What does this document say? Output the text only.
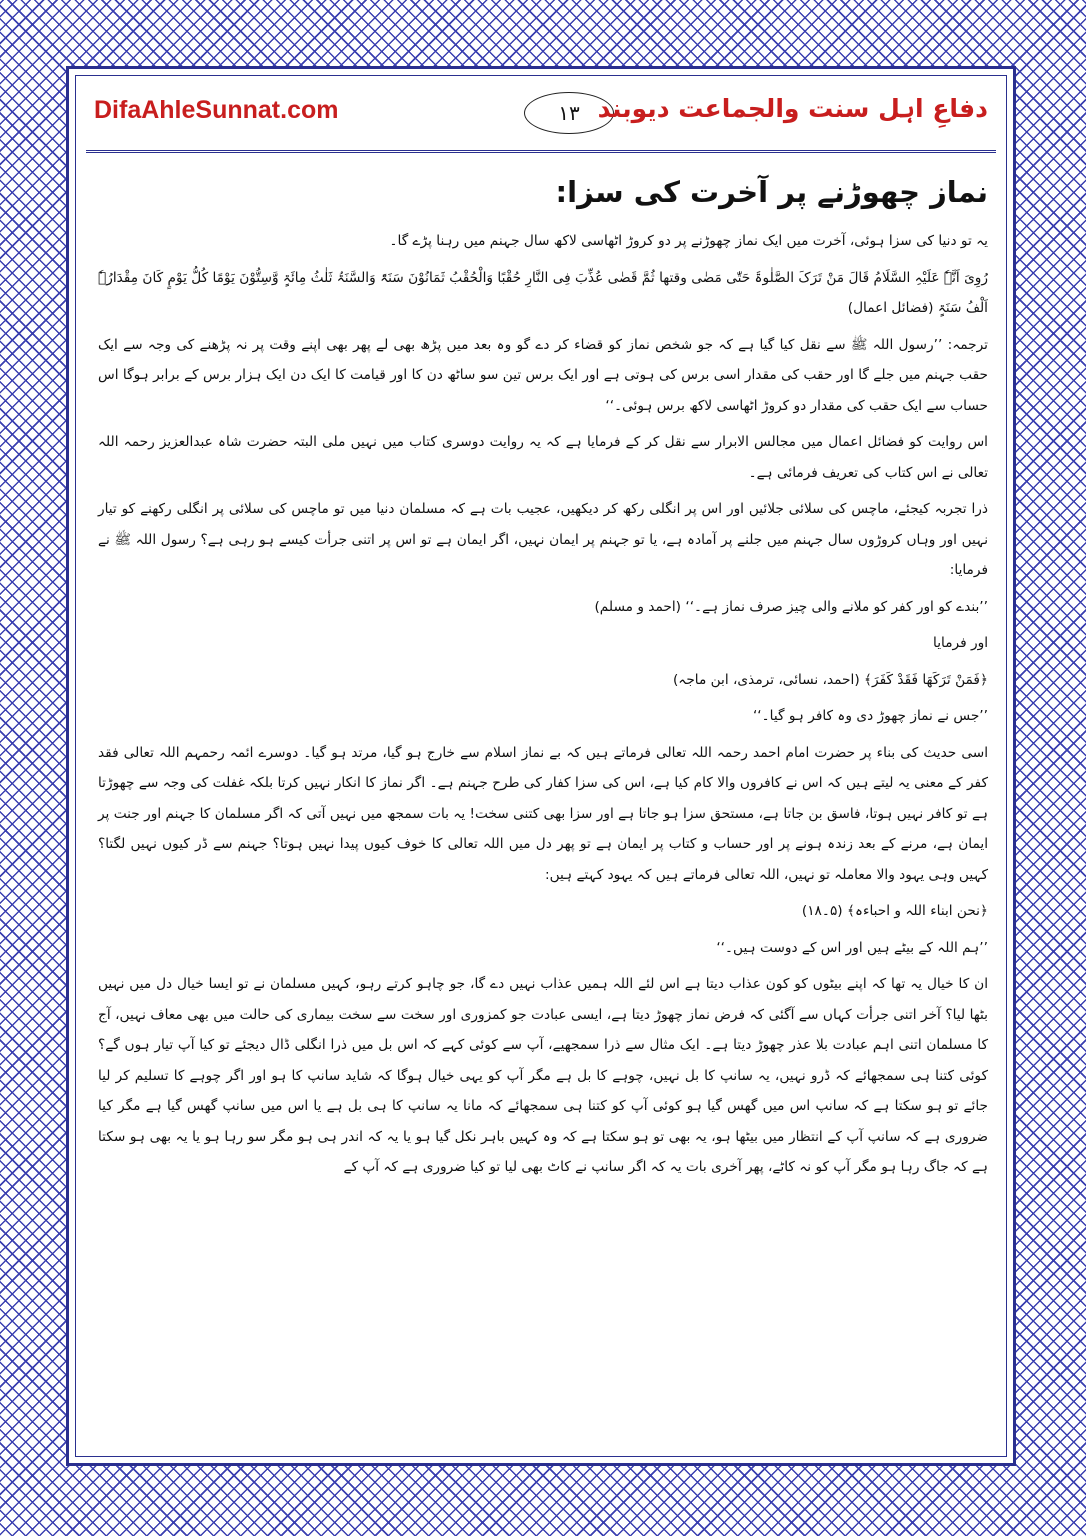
DifaAhleSunnat.com	١٣ دفاعِ اہل سنت والجماعت دیوبند
نماز چھوڑنے پر آخرت کی سزا:

یہ تو دنیا کی سزا ہوئی، آخرت میں ایک نماز چھوڑنے پر دو کروڑ اٹھاسی لاکھ سال جہنم میں رہنا پڑے گا۔

رُوِیَ اَنَّہٗ عَلَیْہِ السَّلَامُ قَالَ مَنْ تَرَکَ الصَّلٰوۃَ حَتّٰی مَضٰی وقتھا ثُمَّ قَضٰی عُذِّبَ فِی النَّارِ حُقْبًا وَالْحُقْبُ ثَمَانُوْنَ سَنَۃً وَالسَّنَۃُ ثَلٰثُ مِائَۃٍ وَّسِتُّوْنَ یَوْمًا کُلُّ یَوْمٍ کَانَ مِقْدَارُہٗ اَلْفُ سَنَۃٍ (فضائل اعمال)

ترجمہ: ’’رسول اللہ ﷺ سے نقل کیا گیا ہے کہ جو شخص نماز کو قضاء کر دے گو وہ بعد میں پڑھ بھی لے پھر بھی اپنے وقت پر نہ پڑھنے کی وجہ سے ایک حقب جہنم میں جلے گا اور حقب کی مقدار اسی برس کی ہوتی ہے اور ایک برس تین سو ساٹھ دن کا اور قیامت کا ایک دن ایک ہزار برس کے برابر ہوگا اس حساب سے ایک حقب کی مقدار دو کروڑ اٹھاسی لاکھ برس ہوئی۔‘‘

اس روایت کو فضائل اعمال میں مجالس الابرار سے نقل کر کے فرمایا ہے کہ یہ روایت دوسری کتاب میں نہیں ملی البتہ حضرت شاہ عبدالعزیز رحمہ اللہ تعالی نے اس کتاب کی تعریف فرمائی ہے۔

ذرا تجربہ کیجئے، ماچس کی سلائی جلائیں اور اس پر انگلی رکھ کر دیکھیں، عجیب بات ہے کہ مسلمان دنیا میں تو ماچس کی سلائی پر انگلی رکھنے کو تیار نہیں اور وہاں کروڑوں سال جہنم میں جلنے پر آمادہ ہے، یا تو جہنم پر ایمان نہیں، اگر ایمان ہے تو اس پر اتنی جرأت کیسے ہو رہی ہے؟ رسول اللہ ﷺ نے فرمایا:

’’بندے کو اور کفر کو ملانے والی چیز صرف نماز ہے۔‘‘ (احمد و مسلم)

اور فرمایا

﴿فَمَنْ تَرَکَھَا فَقَدْ کَفَرَ﴾ (احمد، نسائی، ترمذی، ابن ماجہ)

’’جس نے نماز چھوڑ دی وہ کافر ہو گیا۔‘‘

اسی حدیث کی بناء پر حضرت امام احمد رحمہ اللہ تعالی فرماتے ہیں کہ بے نماز اسلام سے خارج ہو گیا، مرتد ہو گیا۔ دوسرے ائمہ رحمہم اللہ تعالی فقد کفر کے معنی یہ لیتے ہیں کہ اس نے کافروں والا کام کیا ہے، اس کی سزا کفار کی طرح جہنم ہے۔ اگر نماز کا انکار نہیں کرتا بلکہ غفلت کی وجہ سے چھوڑتا ہے تو کافر نہیں ہوتا، فاسق بن جاتا ہے، مستحق سزا ہو جاتا ہے اور سزا بھی کتنی سخت! یہ بات سمجھ میں نہیں آتی کہ اگر مسلمان کا جہنم اور جنت پر ایمان ہے، مرنے کے بعد زندہ ہونے پر اور حساب و کتاب پر ایمان ہے تو پھر دل میں اللہ تعالی کا خوف کیوں پیدا نہیں ہوتا؟ جہنم سے ڈر کیوں نہیں لگتا؟ کہیں وہی یہود والا معاملہ تو نہیں، اللہ تعالی فرماتے ہیں کہ یہود کہتے ہیں:

﴿نحن ابناء اللہ و احباءہ﴾ (۵۔۱۸)

’’ہم اللہ کے بیٹے ہیں اور اس کے دوست ہیں۔‘‘

ان کا خیال یہ تھا کہ اپنے بیٹوں کو کون عذاب دیتا ہے اس لئے اللہ ہمیں عذاب نہیں دے گا، جو چاہو کرتے رہو، کہیں مسلمان نے تو ایسا خیال دل میں نہیں بٹھا لیا؟ آخر اتنی جرأت کہاں سے آگئی کہ فرض نماز چھوڑ دیتا ہے، ایسی عبادت جو کمزوری اور سخت سے سخت بیماری کی حالت میں بھی معاف نہیں، آج کا مسلمان اتنی اہم عبادت بلا عذر چھوڑ دیتا ہے۔ ایک مثال سے ذرا سمجھیے، آپ سے کوئی کہے کہ اس بل میں ذرا انگلی ڈال دیجئے تو کیا آپ تیار ہوں گے؟ کوئی کتنا ہی سمجھائے کہ ڈرو نہیں، یہ سانپ کا بل نہیں، چوہے کا بل ہے مگر آپ کو یہی خیال ہوگا کہ شاید سانپ کا ہو اور اگر چوہے کا تسلیم کر لیا جائے تو ہو سکتا ہے کہ سانپ اس میں گھس گیا ہو کوئی آپ کو کتنا ہی سمجھائے کہ مانا یہ سانپ کا ہی بل ہے یا اس میں سانپ گھس گیا ہے مگر کیا ضروری ہے کہ سانپ آپ کے انتظار میں بیٹھا ہو، یہ بھی تو ہو سکتا ہے کہ وہ کہیں باہر نکل گیا ہو یا یہ کہ اندر ہی ہو مگر سو رہا ہو یا یہ بھی ہو سکتا ہے کہ جاگ رہا ہو مگر آپ کو نہ کاٹے، پھر آخری بات یہ کہ اگر سانپ نے کاٹ بھی لیا تو کیا ضروری ہے کہ آپ کے
